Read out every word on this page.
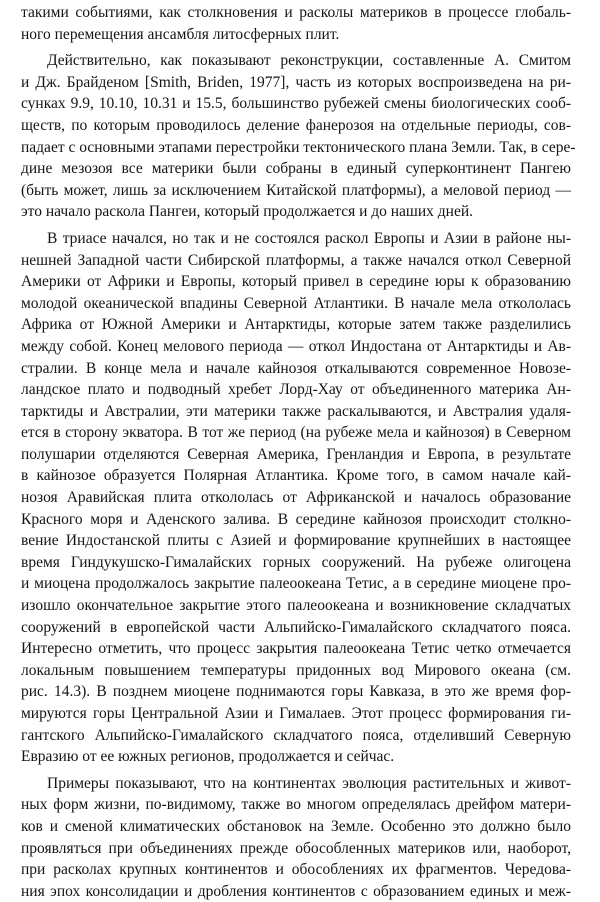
такими событиями, как столкновения и расколы материков в процессе глобаль-

ного перемещения ансамбля литосферных плит.

Действительно, как показывают реконструкции, составленные А. Смитом

и Дж. Брайденом [Smith, Briden, 1977], часть из которых воспроизведена на ри-

сунках 9.9, 10.10, 10.31 и 15.5, большинство рубежей смены биологических сооб-

ществ, по которым проводилось деление фанерозоя на отдельные периоды, сов-

падает с основными этапами перестройки тектонического плана Земли. Так, в сере-

дине мезозоя все материки были собраны в единый суперконтинент Пангею

(быть может, лишь за исключением Китайской платформы), а меловой период —

это начало раскола Пангеи, который продолжается и до наших дней.

В триасе начался, но так и не состоялся раскол Европы и Азии в районе ны-

нешней Западной части Сибирской платформы, а также начался откол Северной

Америки от Африки и Европы, который привел в середине юры к образованию

молодой океанической впадины Северной Атлантики. В начале мела откололась

Африка от Южной Америки и Антарктиды, которые затем также разделились

между собой. Конец мелового периода — откол Индостана от Антарктиды и Ав-

стралии. В конце мела и начале кайнозоя откалываются современное Новозе-

ландское плато и подводный хребет Лорд-Хау от объединенного материка Ан-

тарктиды и Австралии, эти материки также раскалываются, и Австралия удаля-

ется в сторону экватора. В тот же период (на рубеже мела и кайнозоя) в Северном

полушарии отделяются Северная Америка, Гренландия и Европа, в результате

в кайнозое образуется Полярная Атлантика. Кроме того, в самом начале кай-

нозоя Аравийская плита откололась от Африканской и началось образование

Красного моря и Аденского залива. В середине кайнозоя происходит столкно-

вение Индостанской плиты с Азией и формирование крупнейших в настоящее

время Гиндукушско-Гималайских горных сооружений. На рубеже олигоцена

и миоцена продолжалось закрытие палеоокеана Тетис, а в середине миоцене про-

изошло окончательное закрытие этого палеоокеана и возникновение складчатых

сооружений в европейской части Альпийско-Гималайского складчатого пояса.

Интересно отметить, что процесс закрытия палеоокеана Тетис четко отмечается

локальным повышением температуры придонных вод Мирового океана (см.

рис. 14.3). В позднем миоцене поднимаются горы Кавказа, в это же время фор-

мируются горы Центральной Азии и Гималаев. Этот процесс формирования ги-

гантского Альпийско-Гималайского складчатого пояса, отделивший Северную

Евразию от ее южных регионов, продолжается и сейчас.

Примеры показывают, что на континентах эволюция растительных и живот-

ных форм жизни, по-видимому, также во многом определялась дрейфом матери-

ков и сменой климатических обстановок на Земле. Особенно это должно было

проявляться при объединениях прежде обособленных материков или, наоборот,

при расколах крупных континентов и обособлениях их фрагментов. Чередова-

ния эпох консолидации и дробления континентов с образованием единых и меж-
